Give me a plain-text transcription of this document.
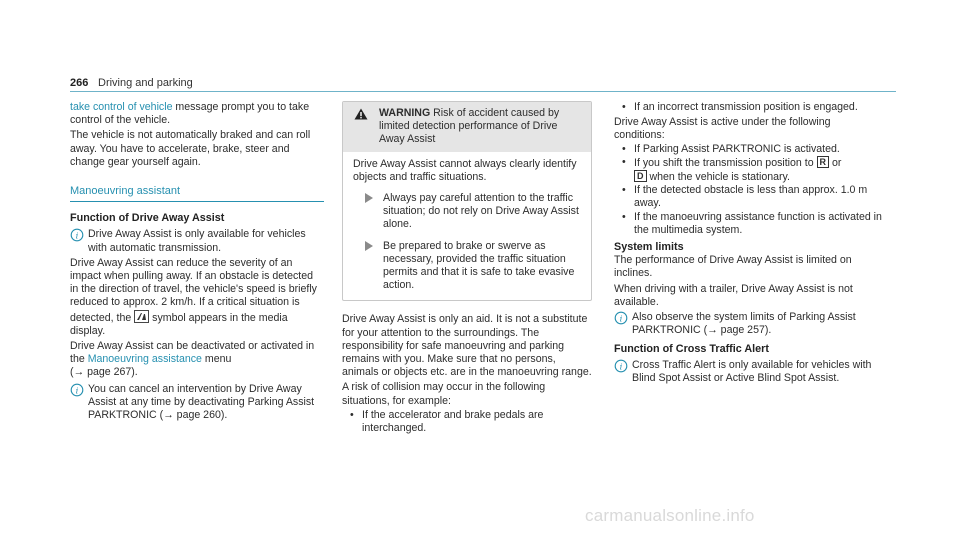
266 Driving and parking

take control of vehicle message prompt you to take control of the vehicle.

The vehicle is not automatically braked and can roll away. You have to accelerate, brake, steer and change gear yourself again.

Manoeuvring assistant

Function of Drive Away Assist

i Drive Away Assist is only available for vehicles with automatic transmission.

Drive Away Assist can reduce the severity of an impact when pulling away. If an obstacle is detected in the direction of travel, the vehicle's speed is briefly reduced to approx. 2 km/h. If a critical situation is detected, the symbol appears in the media display.

Drive Away Assist can be deactivated or activated in the Manoeuvring assistance menu
(→ page 267).

i You can cancel an intervention by Drive Away Assist at any time by deactivating Parking Assist PARKTRONIC (→ page 260).

WARNING Risk of accident caused by limited detection performance of Drive Away Assist

Drive Away Assist cannot always clearly identify objects and traffic situations.

Always pay careful attention to the traffic situation; do not rely on Drive Away Assist alone.

Be prepared to brake or swerve as necessary, provided the traffic situation permits and that it is safe to take evasive action.

Drive Away Assist is only an aid. It is not a substitute for your attention to the surroundings. The responsibility for safe manoeuvring and parking remains with you. Make sure that no persons, animals or objects etc. are in the manoeuvring range.

A risk of collision may occur in the following situations, for example:

• If the accelerator and brake pedals are interchanged.

• If an incorrect transmission position is engaged.

Drive Away Assist is active under the following conditions:

• If Parking Assist PARKTRONIC is activated.

• If you shift the transmission position to R or
D when the vehicle is stationary.

• If the detected obstacle is less than approx. 1.0 m away.

• If the manoeuvring assistance function is activated in the multimedia system.

System limits

The performance of Drive Away Assist is limited on inclines.

When driving with a trailer, Drive Away Assist is not available.

i Also observe the system limits of Parking Assist PARKTRONIC (→ page 257).

Function of Cross Traffic Alert

i Cross Traffic Alert is only available for vehicles with Blind Spot Assist or Active Blind Spot Assist.

carmanualsonline.info
